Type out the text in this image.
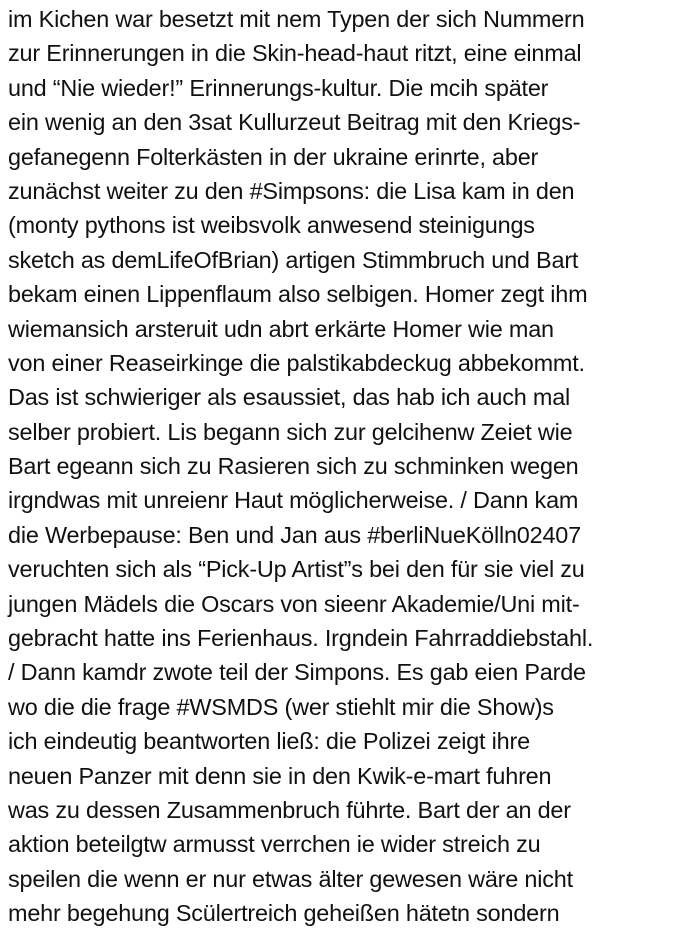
im Kichen war besetzt mit nem Typen der sich Nummern
zur Erinnerungen in die Skin-head-haut ritzt, eine einmal
und “Nie wieder!” Erinnerungs-kultur. Die mcih später
ein wenig an den 3sat Kullurzeut Beitrag mit den Kriegs-
gefanegenn Folterkästen in der ukraine erinrte, aber
zunächst weiter zu den #Simpsons: die Lisa kam in den
(monty pythons ist weibsvolk anwesend steinigungs
sketch as demLifeOfBrian) artigen Stimmbruch und Bart
bekam einen Lippenflaum also selbigen. Homer zegt ihm
wiemansich arsteruit udn abrt erkärte Homer wie man
von einer Reaseirkinge die palstikabdeckug abbekommt.
Das ist schwieriger als esaussiet, das hab ich auch mal
selber probiert. Lis begann sich zur gelcihenw Zeiet wie
Bart egeann sich zu Rasieren sich zu schminken wegen
irgndwas mit unreienr Haut möglicherweise. / Dann kam
die Werbepause: Ben und Jan aus #berliNueKölln02407
veruchten sich als “Pick-Up Artist”s bei den für sie viel zu
jungen Mädels die Oscars von sieenr Akademie/Uni mit-
gebracht hatte ins Ferienhaus. Irgndein Fahrraddiebstahl.
/ Dann kamdr zwote teil der Simpons. Es gab eien Parde
wo die die frage #WSMDS (wer stiehlt mir die Show)s
ich eindeutig beantworten ließ: die Polizei zeigt ihre
neuen Panzer mit denn sie in den Kwik-e-mart fuhren
was zu dessen Zusammenbruch führte. Bart der an der
aktion beteilgtw armusst verrchen ie wider streich zu
speilen die wenn er nur etwas älter gewesen wäre nicht
mehr begehung Scülertreich geheißen hätetn sondern
